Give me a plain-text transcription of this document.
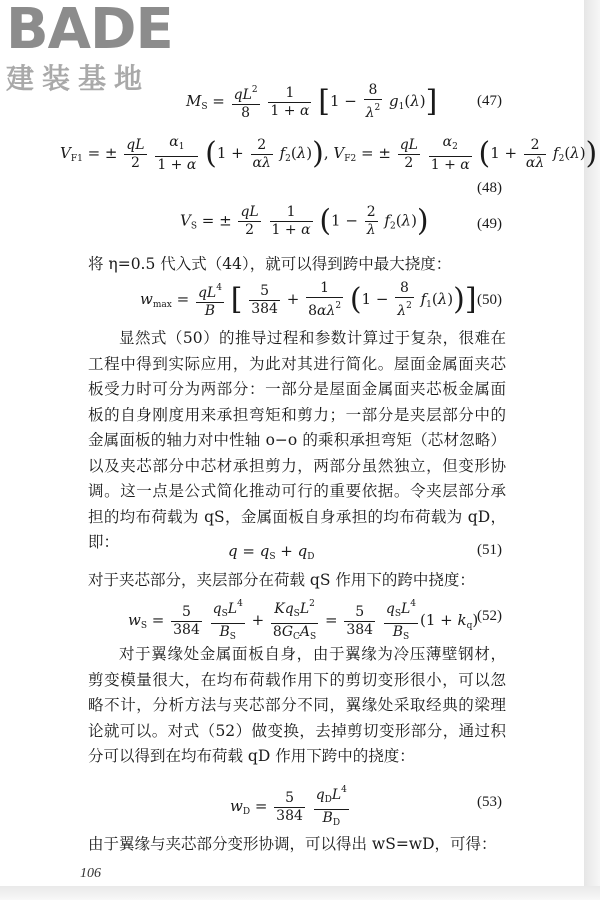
BADE
建装基地
$M_S = \frac{qL^2}{8}$
$\frac{1}{1 + \alpha} [1 - \frac{8}{\lambda^2} g_1(\lambda)]$	(47)
$V_{F1}$ = ± $\frac{qL}{2}$
$\frac{\alpha_1}{1 + \alpha} (1 + \frac{2}{\alpha\lambda} f_2(\lambda))$, $V_{F2}$ = ± $\frac{qL}{2}$
$\frac{\alpha_2}{1 + \alpha} (1 + \frac{2}{\alpha\lambda} f_2(\lambda))$
(48)
$V_S$ = ± $\frac{qL}{2}$
$\frac{1}{1 + \alpha} (1 - \frac{2}{\lambda} f_2(\lambda))$	(49)
将 η=0.5 代入式（44），就可以得到跨中最大挠度：
$w_{max} = \frac{qL^4}{B}$ [ $\frac{5}{384} + \frac{1}{8\alpha\lambda^2} (1 - \frac{8}{\lambda^2} f_1(\lambda))$] (50)

显然式（50）的推导过程和参数计算过于复杂，很难在工程中得到实际应用，为此对其进行简化。屋面金属面夹芯板受力时可分为两部分：一部分是屋面金属面夹芯板金属面板的自身刚度用来承担弯矩和剪力；一部分是夹层部分中的金属面板的轴力对中性轴 o−o 的乘积承担弯矩（芯材忽略）以及夹芯部分中芯材承担剪力，两部分虽然独立，但变形协调。这一点是公式简化推动可行的重要依据。令夹层部分承担的均布荷载为 qS，金属面板自身承担的均布荷载为 qD，即：	$q = q_S + q_D$	(51)
对于夹芯部分，夹层部分在荷载 qS 作用下的跨中挠度：
$w_S = \frac{5}{384}$
$\frac{q_SL^4}{B_S} + \frac{Kq_SL^2}{8G_CA_S} = \frac{5}{384}$
$\frac{q_SL^4}{B_S} (1 + k_q)$
(52)

对于翼缘处金属面板自身，由于翼缘为冷压薄壁钢材，剪变模量很大，在均布荷载作用下的剪切变形很小，可以忽略不计，分析方法与夹芯部分不同，翼缘处采取经典的梁理论就可以。对式（52）做变换，去掉剪切变形部分，通过积分可以得到在均布荷载 qD 作用下跨中的挠度：

$w_D = \frac{5}{384}$
$\frac{q_DL^4}{B_D}$	(53)
由于翼缘与夹芯部分变形协调，可以得出 wS=wD，可得：
106
